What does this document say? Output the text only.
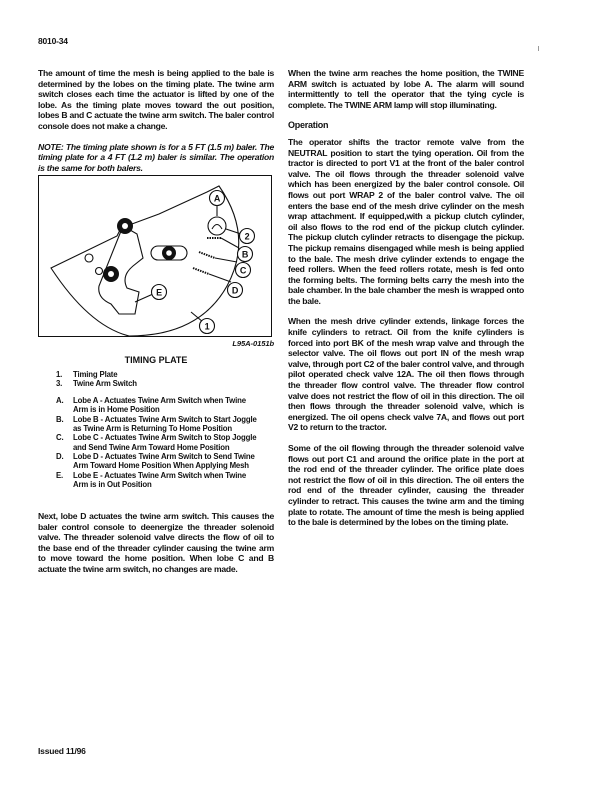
8010-34

The amount of time the mesh is being applied to the bale is determined by the lobes on the timing plate. The twine arm switch closes each time the actuator is lifted by one of the lobe. As the timing plate moves toward the out position, lobes B and C actuate the twine arm switch. The baler control console does not make a change.

NOTE: The timing plate shown is for a 5 FT (1.5 m) baler. The timing plate for a 4 FT (1.2 m) baler is similar. The operation is the same for both balers.
A
2
B
C
D
E
1
L95A-0151b
TIMING PLATE
1.	Timing Plate
3.	Twine Arm Switch
A.	Lobe A - Actuates Twine Arm Switch when Twine Arm is in Home Position
B.	Lobe B - Actuates Twine Arm Switch to Start Joggle as Twine Arm is Returning To Home Position
C.	Lobe C - Actuates Twine Arm Switch to Stop Joggle and Send Twine Arm Toward Home Position
D.	Lobe D - Actuates Twine Arm Switch to Send Twine Arm Toward Home Position When Applying Mesh
E.	Lobe E - Actuates Twine Arm Switch when Twine Arm is in Out Position

Next, lobe D actuates the twine arm switch. This causes the baler control console to deenergize the threader solenoid valve. The threader solenoid valve directs the flow of oil to the base end of the threader cylinder causing the twine arm to move toward the home position. When lobe C and B actuate the twine arm switch, no changes are made.

When the twine arm reaches the home position, the TWINE ARM switch is actuated by lobe A. The alarm will sound intermittently to tell the operator that the tying cycle is complete. The TWINE ARM lamp will stop illuminating.

Operation

The operator shifts the tractor remote valve from the NEUTRAL position to start the tying operation. Oil from the tractor is directed to port V1 at the front of the baler control valve. The oil flows through the threader solenoid valve which has been energized by the baler control console. Oil flows out port WRAP 2 of the baler control valve. The oil enters the base end of the mesh drive cylinder on the mesh wrap attachment. If equipped,with a pickup clutch cylinder, oil also flows to the rod end of the pickup clutch cylinder. The pickup clutch cylinder retracts to disengage the pickup. The pickup remains disengaged while mesh is being applied to the bale. The mesh drive cylinder extends to engage the feed rollers. When the feed rollers rotate, mesh is fed onto the forming belts. The forming belts carry the mesh into the bale chamber. In the bale chamber the mesh is wrapped onto the bale.

When the mesh drive cylinder extends, linkage forces the knife cylinders to retract. Oil from the knife cylinders is forced into port BK of the mesh wrap valve and through the selector valve. The oil flows out port IN of the mesh wrap valve, through port C2 of the baler control valve, and through pilot operated check valve 12A. The oil then flows through the threader flow control valve. The threader flow control valve does not restrict the flow of oil in this direction. The oil then flows through the threader solenoid valve, which is energized. The oil opens check valve 7A, and flows out port V2 to return to the tractor.

Some of the oil flowing through the threader solenoid valve flows out port C1 and around the orifice plate in the port at the rod end of the threader cylinder. The orifice plate does not restrict the flow of oil in this direction. The oil enters the rod end of the threader cylinder, causing the threader cylinder to retract. This causes the twine arm and the timing plate to rotate. The amount of time the mesh is being applied to the bale is determined by the lobes on the timing plate.

Issued 11/96
